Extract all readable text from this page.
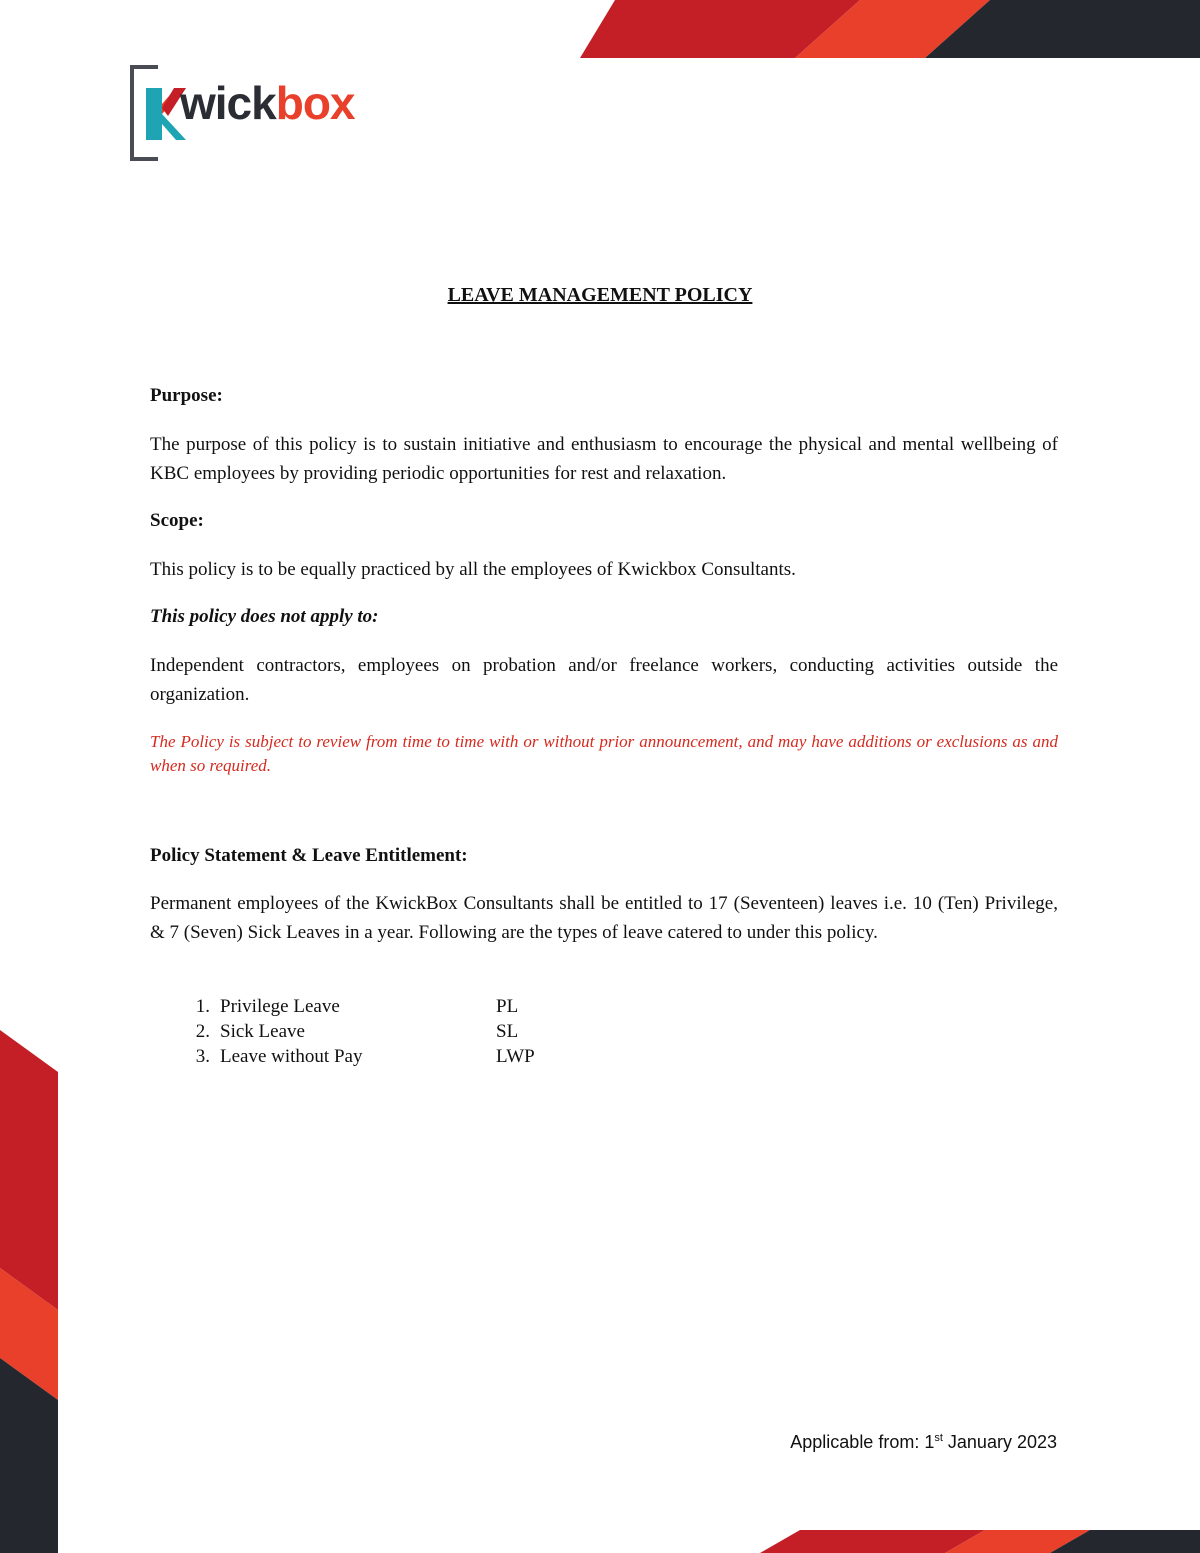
wickbox
LEAVE MANAGEMENT POLICY
Purpose:
The purpose of this policy is to sustain initiative and enthusiasm to encourage the physical and mental wellbeing of KBC employees by providing periodic opportunities for rest and relaxation.
Scope:
This policy is to be equally practiced by all the employees of Kwickbox Consultants.
This policy does not apply to:
Independent contractors, employees on probation and/or freelance workers, conducting activities outside the organization.
The Policy is subject to review from time to time with or without prior announcement, and may have additions or exclusions as and when so required.
Policy Statement & Leave Entitlement:
Permanent employees of the KwickBox Consultants shall be entitled to 17 (Seventeen) leaves i.e. 10 (Ten) Privilege, & 7 (Seven) Sick Leaves in a year. Following are the types of leave catered to under this policy.
1. Privilege Leave	PL
2. Sick Leave	SL
3. Leave without Pay	LWP
Applicable from: 1st January 2023
